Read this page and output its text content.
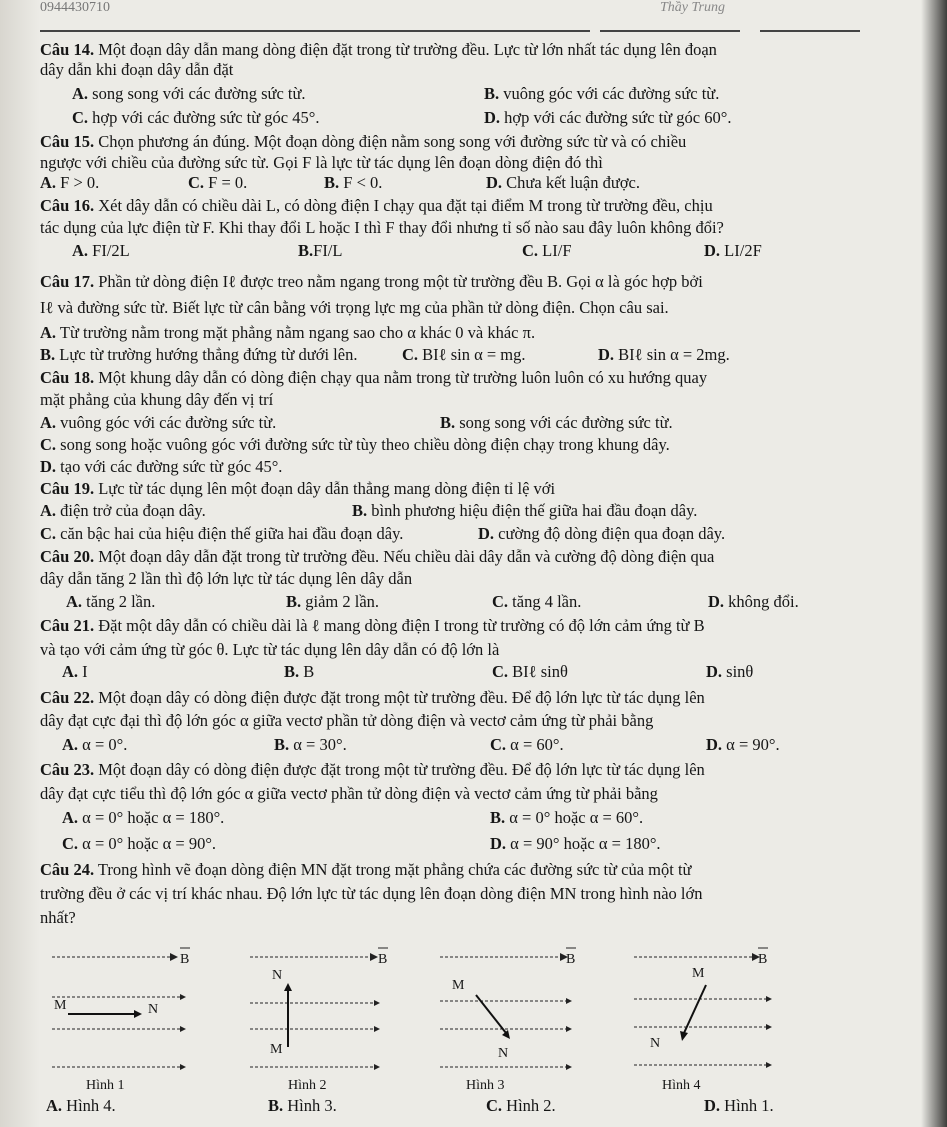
0944430710	Thầy Trung
Câu 14. Một đoạn dây dẫn mang dòng điện đặt trong từ trường đều. Lực từ lớn nhất tác dụng lên đoạn
dây dẫn khi đoạn dây dẫn đặt
A. song song với các đường sức từ.	B. vuông góc với các đường sức từ.
C. hợp với các đường sức từ góc 45°.	D. hợp với các đường sức từ góc 60°.
Câu 15. Chọn phương án đúng. Một đoạn dòng điện nằm song song với đường sức từ và có chiều
ngược với chiều của đường sức từ. Gọi F là lực từ tác dụng lên đoạn dòng điện đó thì
A. F > 0.	C. F = 0.	B. F < 0.	D. Chưa kết luận được.
Câu 16. Xét dây dẫn có chiều dài L, có dòng điện I chạy qua đặt tại điểm M trong từ trường đều, chịu
tác dụng của lực điện từ F. Khi thay đổi L hoặc I thì F thay đổi nhưng tỉ số nào sau đây luôn không đổi?
A. FI/2L	B.FI/L	C. LI/F	D. LI/2F
Câu 17. Phần tử dòng điện Iℓ được treo nằm ngang trong một từ trường đều B. Gọi α là góc hợp bởi
Iℓ và đường sức từ. Biết lực từ cân bằng với trọng lực mg của phần tử dòng điện. Chọn câu sai.
A. Từ trường nằm trong mặt phẳng nằm ngang sao cho α khác 0 và khác π.
B. Lực từ trường hướng thẳng đứng từ dưới lên.	C. BIℓ sin α = mg.	D. BIℓ sin α = 2mg.
Câu 18. Một khung dây dẫn có dòng điện chạy qua nằm trong từ trường luôn luôn có xu hướng quay
mặt phẳng của khung dây đến vị trí
A. vuông góc với các đường sức từ.	B. song song với các đường sức từ.
C. song song hoặc vuông góc với đường sức từ tùy theo chiều dòng điện chạy trong khung dây.
D. tạo với các đường sức từ góc 45°.
Câu 19. Lực từ tác dụng lên một đoạn dây dẫn thẳng mang dòng điện tỉ lệ với
A. điện trở của đoạn dây.	B. bình phương hiệu điện thế giữa hai đầu đoạn dây.
C. căn bậc hai của hiệu điện thế giữa hai đầu đoạn dây.	D. cường độ dòng điện qua đoạn dây.
Câu 20. Một đoạn dây dẫn đặt trong từ trường đều. Nếu chiều dài dây dẫn và cường độ dòng điện qua
dây dẫn tăng 2 lần thì độ lớn lực từ tác dụng lên dây dẫn
A. tăng 2 lần.	B. giảm 2 lần.	C. tăng 4 lần.	D. không đổi.
Câu 21. Đặt một dây dẫn có chiều dài là ℓ mang dòng điện I trong từ trường có độ lớn cảm ứng từ B
và tạo với cảm ứng từ góc θ. Lực từ tác dụng lên dây dẫn có độ lớn là
A. I	B. B	C. BIℓ sinθ	D. sinθ
Câu 22. Một đoạn dây có dòng điện được đặt trong một từ trường đều. Để độ lớn lực từ tác dụng lên
dây đạt cực đại thì độ lớn góc α giữa vectơ phần tử dòng điện và vectơ cảm ứng từ phải bằng
A. α = 0°.	B. α = 30°.	C. α = 60°.	D. α = 90°.
Câu 23. Một đoạn dây có dòng điện được đặt trong một từ trường đều. Để độ lớn lực từ tác dụng lên
dây đạt cực tiểu thì độ lớn góc α giữa vectơ phần tử dòng điện và vectơ cảm ứng từ phải bằng
A. α = 0° hoặc α = 180°.	B. α = 0° hoặc α = 60°.
C. α = 0° hoặc α = 90°.	D. α = 90° hoặc α = 180°.
Câu 24. Trong hình vẽ đoạn dòng điện MN đặt trong mặt phẳng chứa các đường sức từ của một từ
trường đều ở các vị trí khác nhau. Độ lớn lực từ tác dụng lên đoạn dòng điện MN trong hình nào lớn
nhất?
A. Hình 4.	B. Hình 3.	C. Hình 2.	D. Hình 1.
B
M	N
Hình 1
B
N
M
Hình 2
B
M
N
Hình 3
B
M
N
Hình 4
